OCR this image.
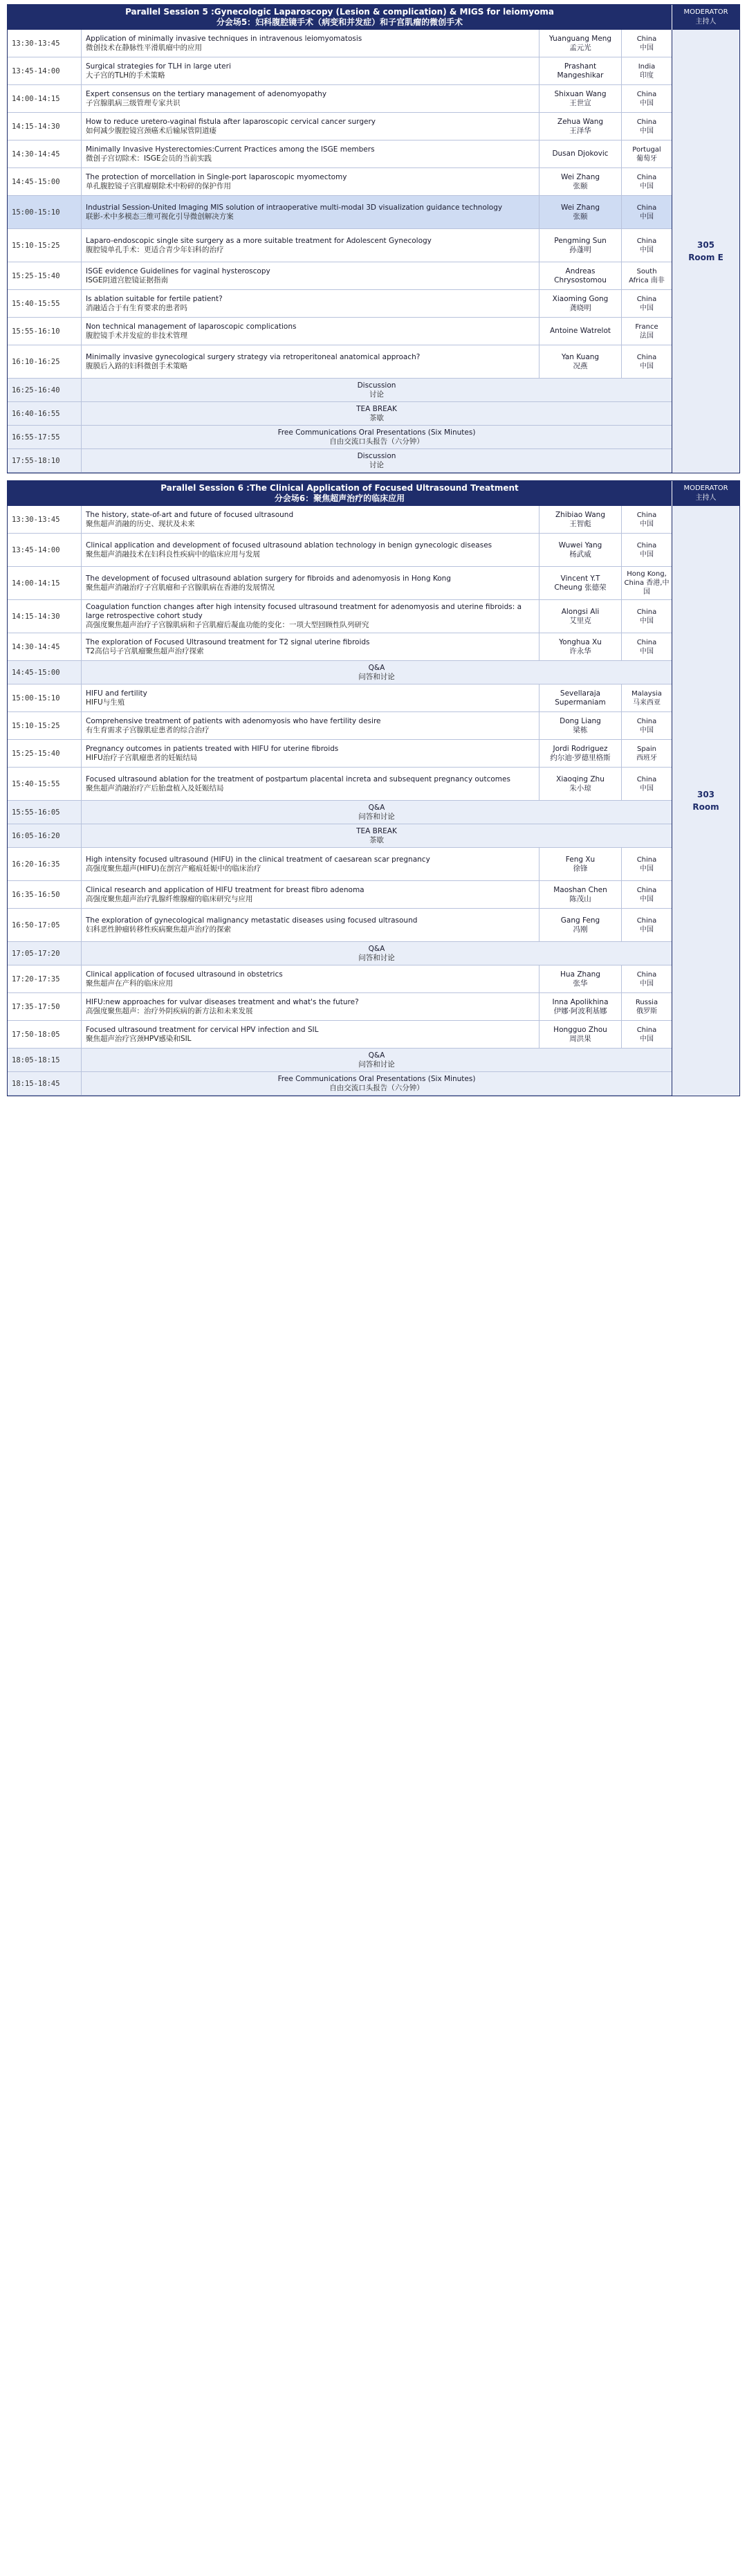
Parallel Session 5 :Gynecologic Laparoscopy (Lesion & complication) & MIGS for leiomyoma
分会场5：妇科腹腔镜手术（病变和并发症）和子宫肌瘤的微创手术
MODERATOR
主持人
13:30-13:45
Application of minimally invasive techniques in intravenous leiomyomatosis
微创技术在静脉性平滑肌瘤中的应用
Yuanguang Meng
孟元光
China
中国
13:45-14:00
Surgical strategies for TLH in large uteri
大子宫的TLH的手术策略
Prashant
Mangeshikar
India
印度
14:00-14:15
Expert consensus on the tertiary management of adenomyopathy
子宫腺肌病三级管理专家共识
Shixuan Wang
王世宣
China
中国
14:15-14:30
How to reduce uretero-vaginal fistula after laparoscopic cervical cancer surgery
如何减少腹腔镜宫颈癌术后输尿管阴道瘘
Zehua Wang
王泽华
China
中国
14:30-14:45
Minimally Invasive Hysterectomies:Current Practices among the ISGE members
微创子宫切除术：ISGE会员的当前实践
Dusan Djokovic	Portugal
葡萄牙
14:45-15:00
The protection of morcellation in Single-port laparoscopic myomectomy
单孔腹腔镜子宫肌瘤剔除术中粉碎的保护作用
Wei Zhang
张颐
China
中国
15:00-15:10
Industrial Session-United Imaging MIS solution of intraoperative multi-modal 3D visualization guidance technology
联影-术中多模态三维可视化引导微创解决方案
Wei Zhang
张颐
China
中国
15:10-15:25
Laparo-endoscopic single site surgery as a more suitable treatment for Adolescent Gynecology
腹腔镜单孔手术：更适合青少年妇科的治疗
Pengming Sun
孙蓬明
China
中国
15:25-15:40
ISGE evidence Guidelines for vaginal hysteroscopy
ISGE阴道宫腔镜证据指南
Andreas
Chrysostomou
South
Africa 南非
15:40-15:55
Is ablation suitable for fertile patient?
消融适合于有生育要求的患者吗
Xiaoming Gong
龚晓明
China
中国
15:55-16:10
Non technical management of laparoscopic complications
腹腔镜手术并发症的非技术管理
Antoine Watrelot	France
法国
16:10-16:25
Minimally invasive gynecological surgery strategy via retroperitoneal anatomical approach?
腹膜后入路的妇科微创手术策略
Yan Kuang
况燕
China
中国
16:25-16:40
Discussion
讨论
16:40-16:55
TEA BREAK
茶歇
16:55-17:55
Free Communications Oral Presentations (Six Minutes)
自由交流口头报告（六分钟）
17:55-18:10
Discussion
讨论
305
Room E
Parallel Session 6 :The Clinical Application of Focused Ultrasound Treatment
分会场6：聚焦超声治疗的临床应用
MODERATOR
主持人
13:30-13:45
The history, state-of-art and future of focused ultrasound
聚焦超声消融的历史、现状及未来
Zhibiao Wang
王智彪
China
中国
13:45-14:00
Clinical application and development of focused ultrasound ablation technology in benign gynecologic diseases
聚焦超声消融技术在妇科良性疾病中的临床应用与发展
Wuwei Yang
杨武威
China
中国
14:00-14:15
The development of focused ultrasound ablation surgery for fibroids and adenomyosis in Hong Kong
聚焦超声消融治疗子宫肌瘤和子宫腺肌病在香港的发展情况
Vincent Y.T
Cheung 张德荣
Hong Kong,
China 香港,中国
14:15-14:30
Coagulation function changes after high intensity focused ultrasound treatment for adenomyosis and uterine fibroids: a large retrospective cohort study
高强度聚焦超声治疗子宫腺肌病和子宫肌瘤后凝血功能的变化：一项大型回顾性队列研究
Alongsi Ali
艾里克
China
中国
14:30-14:45
The exploration of Focused Ultrasound treatment for T2 signal uterine fibroids
T2高信号子宫肌瘤聚焦超声治疗探索
Yonghua Xu
许永华
China
中国
14:45-15:00
Q&A
问答和讨论
15:00-15:10
HIFU and fertility
HIFU与生殖
Sevellaraja
Supermaniam
Malaysia
马来西亚
15:10-15:25
Comprehensive treatment of patients with adenomyosis who have fertility desire
有生育需求子宫腺肌症患者的综合治疗
Dong Liang
梁栋
China
中国
15:25-15:40
Pregnancy outcomes in patients treated with HIFU for uterine fibroids
HIFU治疗子宫肌瘤患者的妊娠结局
Jordi Rodriguez
约尔迪·罗德里格斯
Spain
西班牙
15:40-15:55
Focused ultrasound ablation for the treatment of postpartum placental increta and subsequent pregnancy outcomes
聚焦超声消融治疗产后胎盘植入及妊娠结局
Xiaoqing Zhu
朱小琼
China
中国
15:55-16:05
Q&A
问答和讨论
16:05-16:20
TEA BREAK
茶歇
16:20-16:35
High intensity focused ultrasound (HIFU) in the clinical treatment of caesarean scar pregnancy
高强度聚焦超声(HIFU)在剖宫产瘢痕妊娠中的临床治疗
Feng Xu
徐锋
China
中国
16:35-16:50
Clinical research and application of HIFU treatment for breast fibro adenoma
高强度聚焦超声治疗乳腺纤维腺瘤的临床研究与应用
Maoshan Chen
陈茂山
China
中国
16:50-17:05
The exploration of gynecological malignancy metastatic diseases using focused ultrasound
妇科恶性肿瘤转移性疾病聚焦超声治疗的探索
Gang Feng
冯刚
China
中国
17:05-17:20
Q&A
问答和讨论
17:20-17:35
Clinical application of focused ultrasound in obstetrics
聚焦超声在产科的临床应用
Hua Zhang
张华
China
中国
17:35-17:50
HIFU:new approaches for vulvar diseases treatment and what's the future?
高强度聚焦超声：治疗外阴疾病的新方法和未来发展
Inna Apolikhina
伊娜·阿波利基娜
Russia
俄罗斯
17:50-18:05
Focused ultrasound treatment for cervical HPV infection and SIL
聚焦超声治疗宫颈HPV感染和SIL
Hongguo Zhou
周洪果
China
中国
18:05-18:15
Q&A
问答和讨论
18:15-18:45
Free Communications Oral Presentations (Six Minutes)
自由交流口头报告（六分钟）
303
Room
